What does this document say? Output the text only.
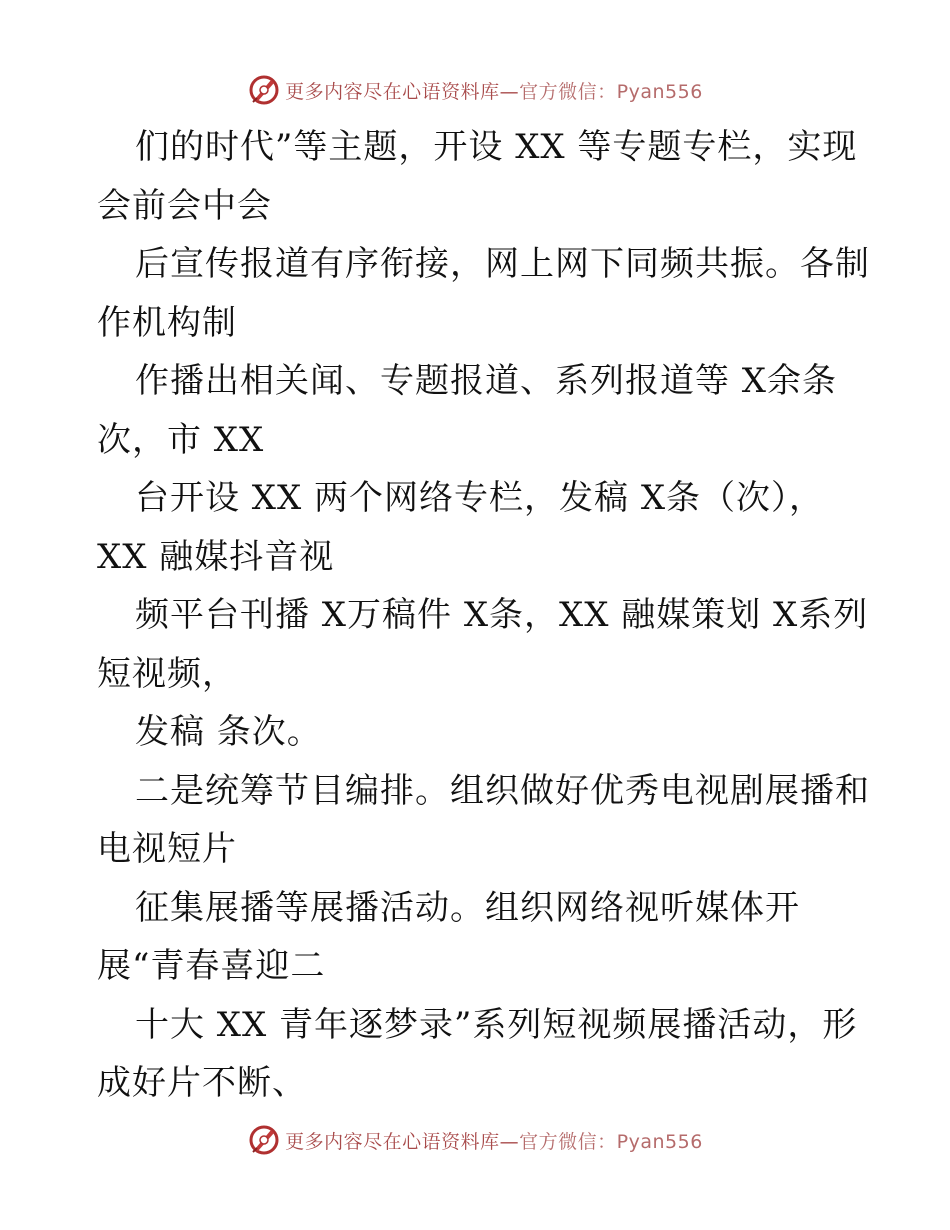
更多内容尽在心语资料库—官方微信：Pyan556
们的时代”等主题，开设 XX 等专题专栏，实现
会前会中会
后宣传报道有序衔接，网上网下同频共振。各制
作机构制
作播出相关闻、专题报道、系列报道等 X余条
次，市 XX
台开设 XX 两个网络专栏，发稿 X条（次），
XX 融媒抖音视
频平台刊播 X万稿件 X条，XX 融媒策划 X系列
短视频，
发稿 条次。
二是统筹节目编排。组织做好优秀电视剧展播和
电视短片
征集展播等展播活动。组织网络视听媒体开
展“青春喜迎二
十大 XX 青年逐梦录”系列短视频展播活动，形
成好片不断、
更多内容尽在心语资料库—官方微信：Pyan556
